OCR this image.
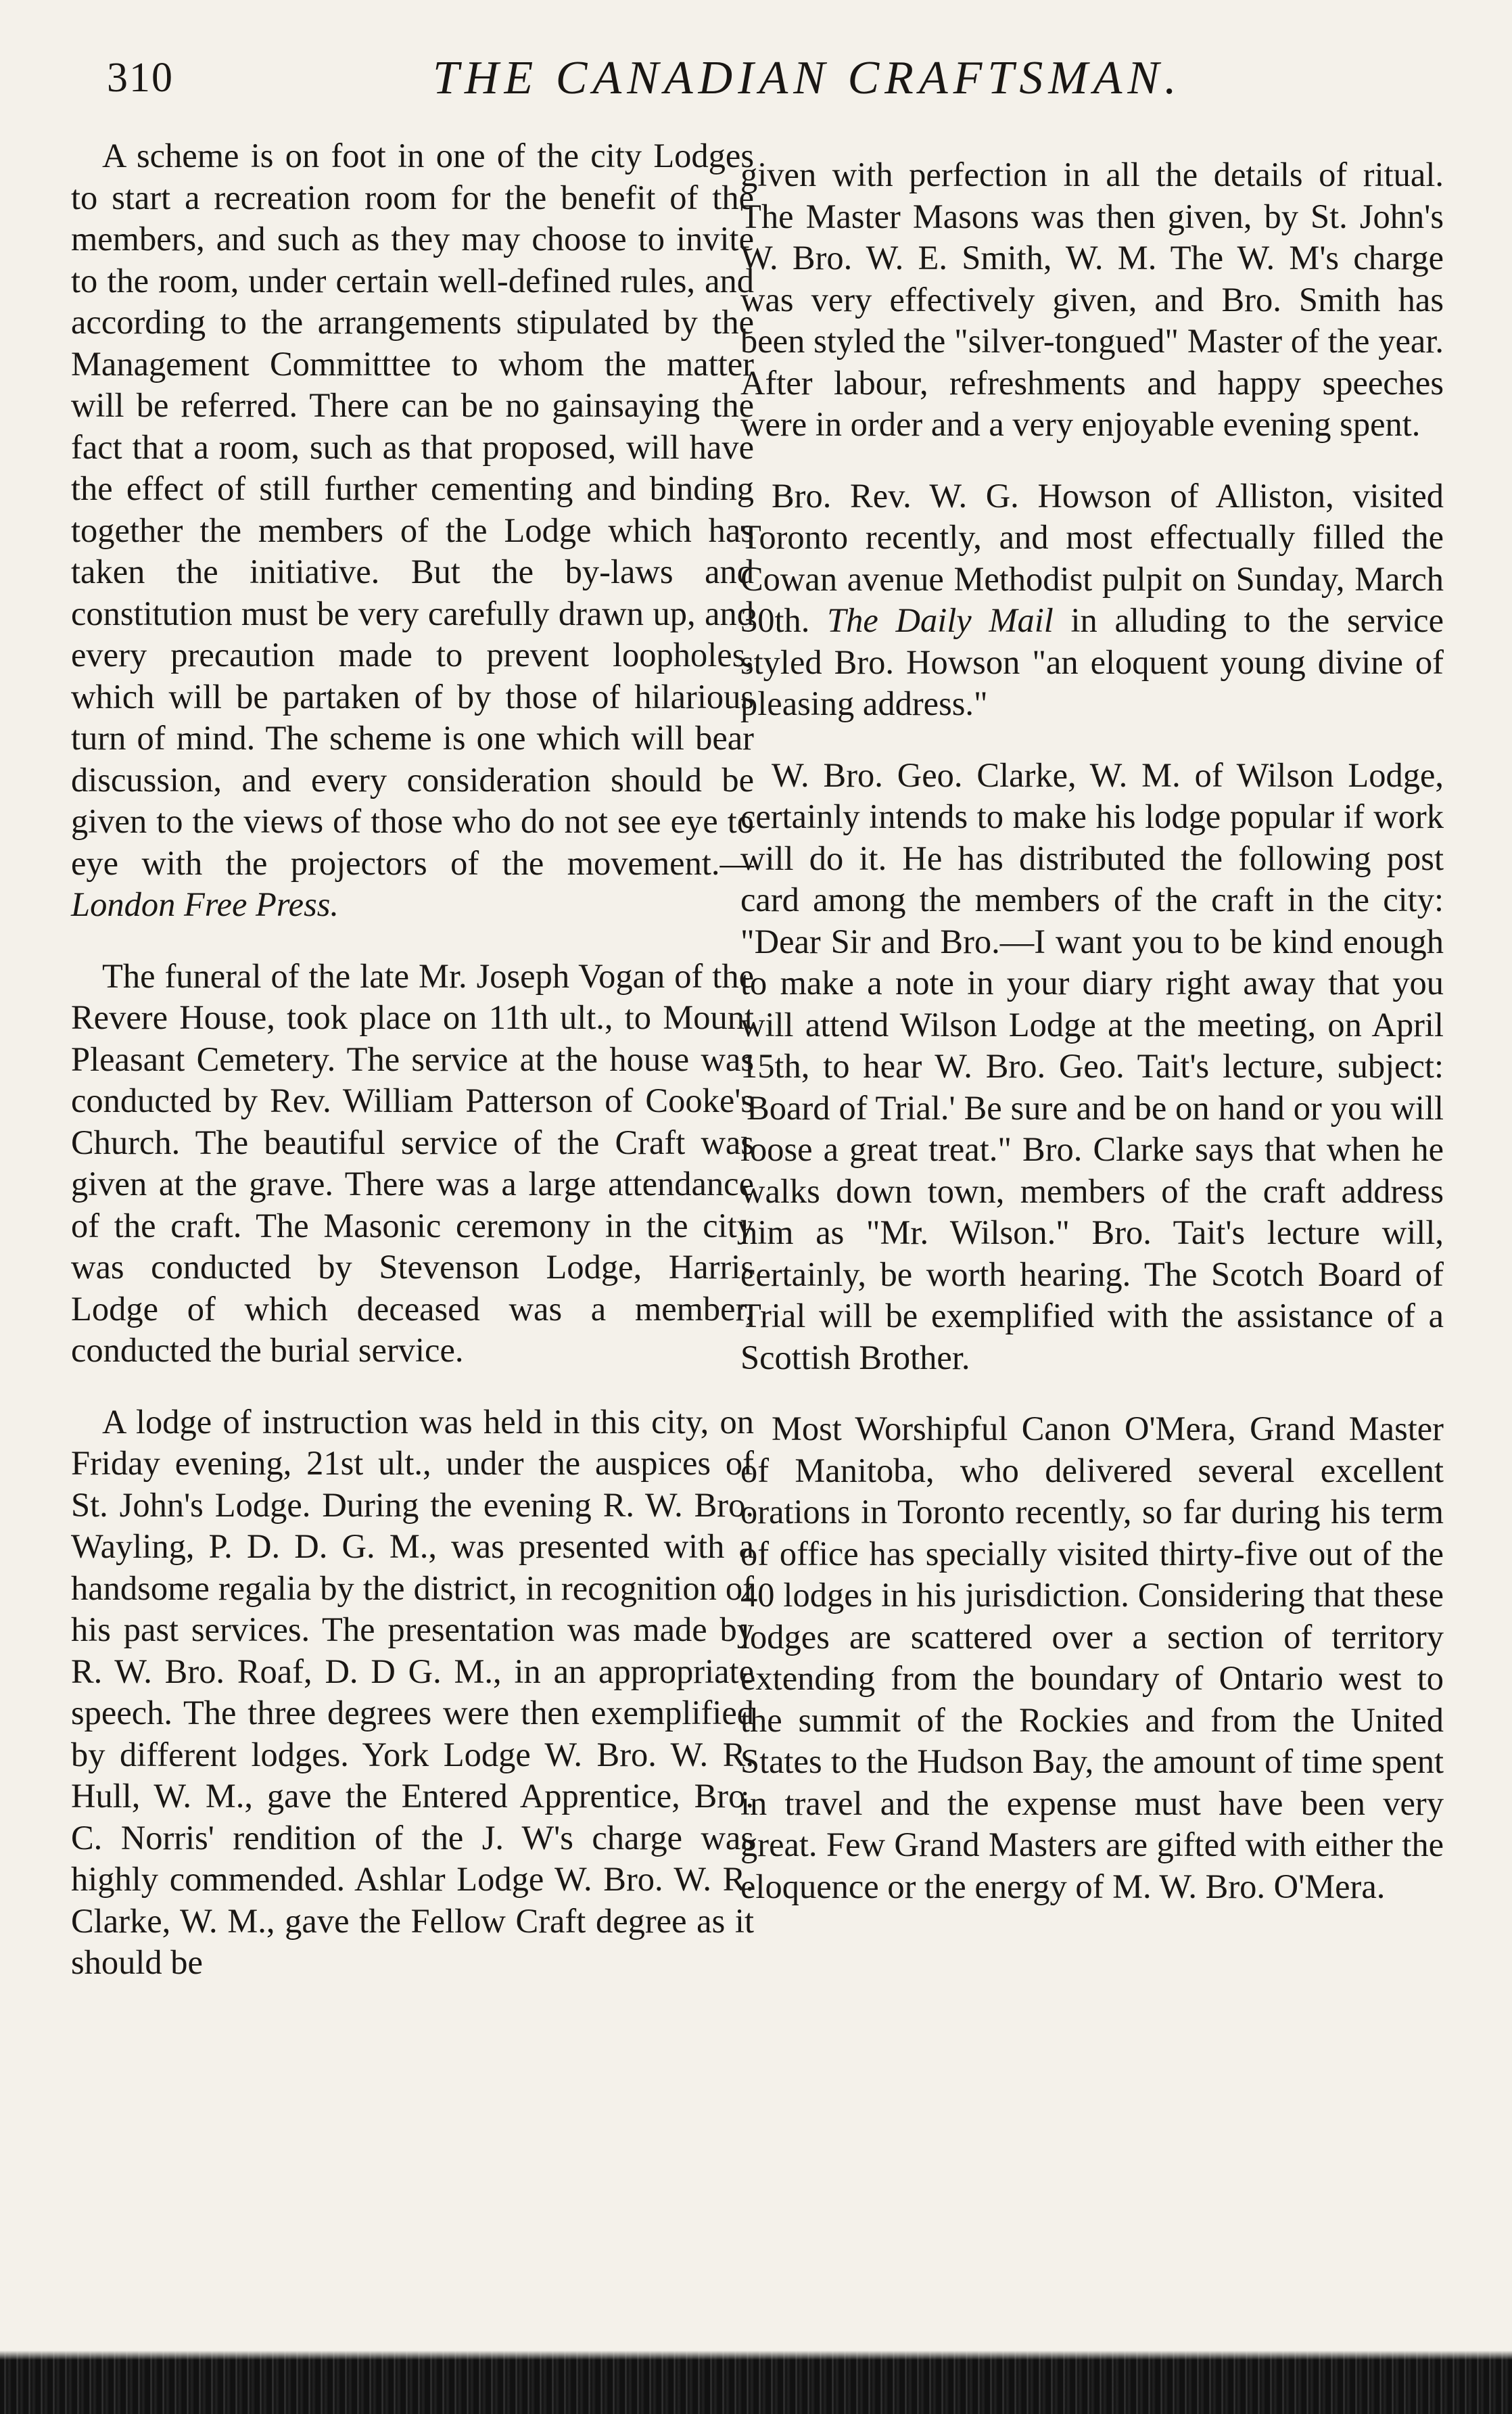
310	THE CANADIAN CRAFTSMAN.

A scheme is on foot in one of the city Lodges to start a recreation room for the benefit of the members, and such as they may choose to invite to the room, under certain well-defined rules, and according to the arrangements stipulated by the Management Committtee to whom the matter will be referred. There can be no gainsaying the fact that a room, such as that proposed, will have the effect of still further cementing and binding together the members of the Lodge which has taken the initiative. But the by-laws and constitution must be very carefully drawn up, and every precaution made to prevent loopholes, which will be partaken of by those of hilarious turn of mind. The scheme is one which will bear discussion, and every consideration should be given to the views of those who do not see eye to eye with the projectors of the movement.—London Free Press.

The funeral of the late Mr. Joseph Vogan of the Revere House, took place on 11th ult., to Mount Pleasant Cemetery. The service at the house was conducted by Rev. William Patterson of Cooke's Church. The beautiful service of the Craft was given at the grave. There was a large attendance of the craft. The Masonic ceremony in the city was conducted by Stevenson Lodge, Harris Lodge of which deceased was a member, conducted the burial service.

A lodge of instruction was held in this city, on Friday evening, 21st ult., under the auspices of St. John's Lodge. During the evening R. W. Bro. Wayling, P. D. D. G. M., was presented with a handsome regalia by the district, in recognition of his past services. The presentation was made by R. W. Bro. Roaf, D. D G. M., in an appropriate speech. The three degrees were then exemplified by different lodges. York Lodge W. Bro. W. R. Hull, W. M., gave the Entered Apprentice, Bro. C. Norris' rendition of the J. W's charge was highly commended. Ashlar Lodge W. Bro. W. R. Clarke, W. M., gave the Fellow Craft degree as it should be

given with perfection in all the details of ritual. The Master Masons was then given, by St. John's W. Bro. W. E. Smith, W. M. The W. M's charge was very effectively given, and Bro. Smith has been styled the "silver-tongued" Master of the year. After labour, refreshments and happy speeches were in order and a very enjoyable evening spent.

Bro. Rev. W. G. Howson of Alliston, visited Toronto recently, and most effectually filled the Cowan avenue Methodist pulpit on Sunday, March 30th. The Daily Mail in alluding to the service styled Bro. Howson "an eloquent young divine of pleasing address."

W. Bro. Geo. Clarke, W. M. of Wilson Lodge, certainly intends to make his lodge popular if work will do it. He has distributed the following post card among the members of the craft in the city: "Dear Sir and Bro.—I want you to be kind enough to make a note in your diary right away that you will attend Wilson Lodge at the meeting, on April 15th, to hear W. Bro. Geo. Tait's lecture, subject: 'Board of Trial.' Be sure and be on hand or you will loose a great treat." Bro. Clarke says that when he walks down town, members of the craft address him as "Mr. Wilson." Bro. Tait's lecture will, certainly, be worth hearing. The Scotch Board of Trial will be exemplified with the assistance of a Scottish Brother.

Most Worshipful Canon O'Mera, Grand Master of Manitoba, who delivered several excellent orations in Toronto recently, so far during his term of office has specially visited thirty-five out of the 40 lodges in his jurisdiction. Considering that these lodges are scattered over a section of territory extending from the boundary of Ontario west to the summit of the Rockies and from the United States to the Hudson Bay, the amount of time spent in travel and the expense must have been very great. Few Grand Masters are gifted with either the eloquence or the energy of M. W. Bro. O'Mera.
